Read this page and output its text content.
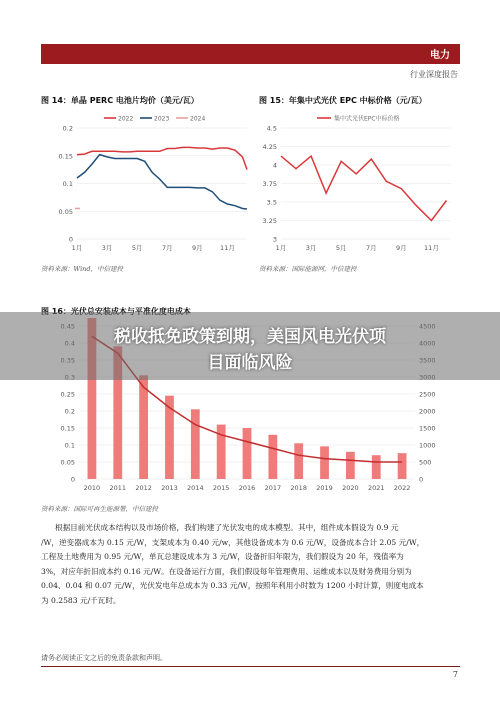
电力
行业深度报告
图 14：单晶 PERC 电池片均价（美元/瓦）
0
0.05
0.1
0.15
0.2
1月	3月	5月	7月	9月	11月
2022	2023	2024
资料来源：Wind，中信建投
图 15：年集中式光伏 EPC 中标价格（元/瓦）
3
3.25
3.5
3.75
4
4.25
4.5
1月	3月	5月	7月	9月	11月
集中式光伏EPC中标价格
资料来源：国际能源网，中信建投
0	0
0.05	500
0.1	1000
0.15	1500
0.2	2000
0.25	2500
2010 2011 2012 2013 2014 2015 2016 2017 2018 2019 2020 2021 2022
资料来源：国际可再生能源署，中信建投
根据目前光伏成本结构以及市场价格，我们构建了光伏发电的成本模型。其中，组件成本假设为 0.9 元
/W，逆变器成本为 0.15 元/W，支架成本为 0.40 元/w，其他设备成本为 0.6 元/W，设备成本合计 2.05 元/W，
工程及土地费用为 0.95 元/W，单瓦总建设成本为 3 元/W，设备折旧年限为，我们假设为 20 年，残值率为
3%，对应年折旧成本约 0.16 元/W。在设备运行方面，我们假设每年管理费用、运维成本以及财务费用分别为
0.04、0.04 和 0.07 元/W，光伏发电年总成本为 0.33 元/W，按照年利用小时数为 1200 小时计算，则度电成本
为 0.2583 元/千瓦时。
请务必阅读正文之后的免责条款和声明。
7
税收抵免政策到期，美国风电光伏项
目面临风险
